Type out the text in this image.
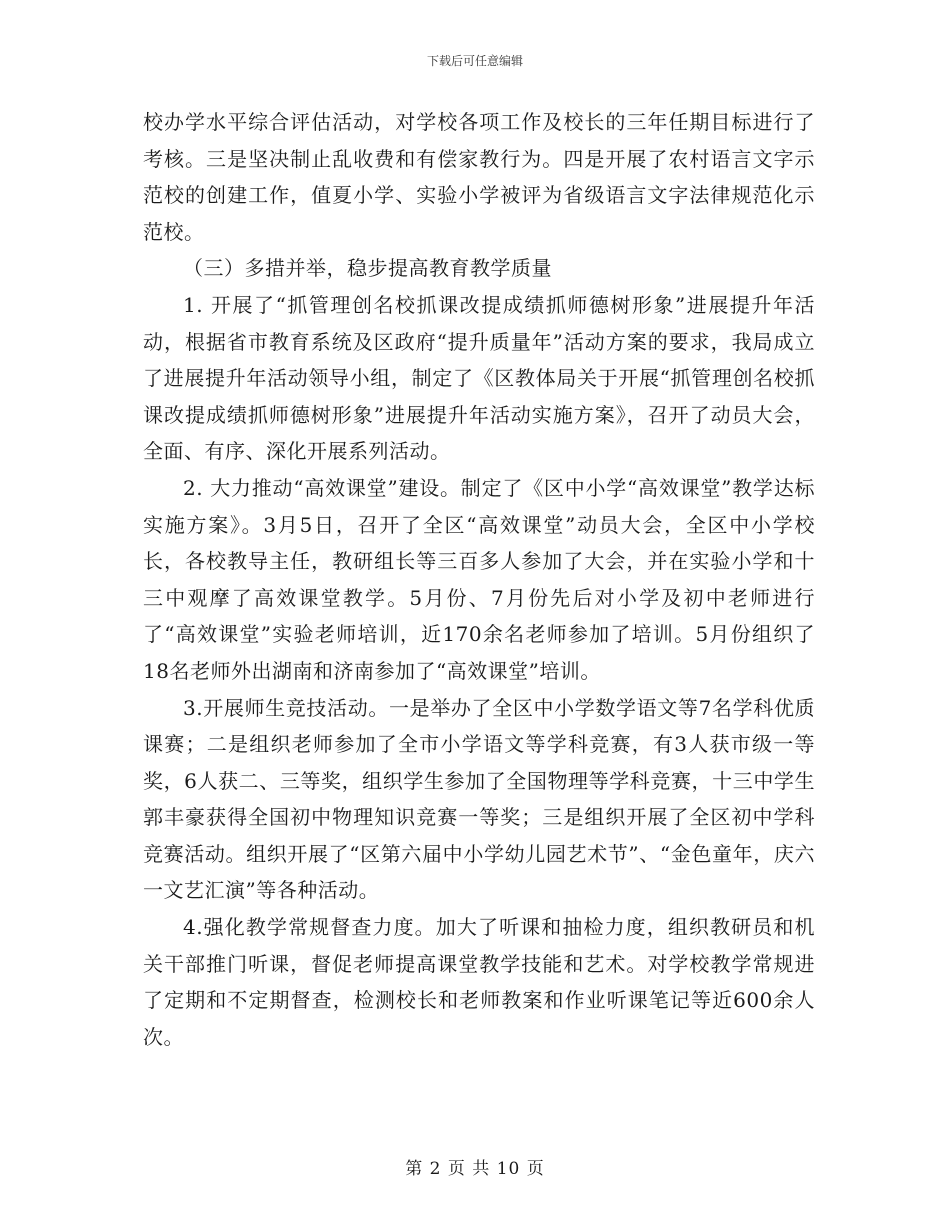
下载后可任意编辑

校办学水平综合评估活动，对学校各项工作及校长的三年任期目标进行了考核。三是坚决制止乱收费和有偿家教行为。四是开展了农村语言文字示范校的创建工作，值夏小学、实验小学被评为省级语言文字法律规范化示范校。

（三）多措并举，稳步提高教育教学质量

1. 开展了“抓管理创名校抓课改提成绩抓师德树形象”进展提升年活动，根据省市教育系统及区政府“提升质量年”活动方案的要求，我局成立了进展提升年活动领导小组，制定了《区教体局关于开展“抓管理创名校抓课改提成绩抓师德树形象”进展提升年活动实施方案》，召开了动员大会，全面、有序、深化开展系列活动。

2. 大力推动“高效课堂”建设。制定了《区中小学“高效课堂”教学达标实施方案》。3月5日，召开了全区“高效课堂”动员大会，全区中小学校长，各校教导主任，教研组长等三百多人参加了大会，并在实验小学和十三中观摩了高效课堂教学。5月份、7月份先后对小学及初中老师进行了“高效课堂”实验老师培训，近170余名老师参加了培训。5月份组织了18名老师外出湖南和济南参加了“高效课堂”培训。

3.开展师生竞技活动。一是举办了全区中小学数学语文等7名学科优质课赛；二是组织老师参加了全市小学语文等学科竞赛，有3人获市级一等奖，6人获二、三等奖，组织学生参加了全国物理等学科竞赛，十三中学生郭丰豪获得全国初中物理知识竞赛一等奖；三是组织开展了全区初中学科竞赛活动。组织开展了“区第六届中小学幼儿园艺术节”、“金色童年，庆六一文艺汇演”等各种活动。

4.强化教学常规督查力度。加大了听课和抽检力度，组织教研员和机关干部推门听课，督促老师提高课堂教学技能和艺术。对学校教学常规进了定期和不定期督查，检测校长和老师教案和作业听课笔记等近600余人次。

第 2 页 共 10 页
